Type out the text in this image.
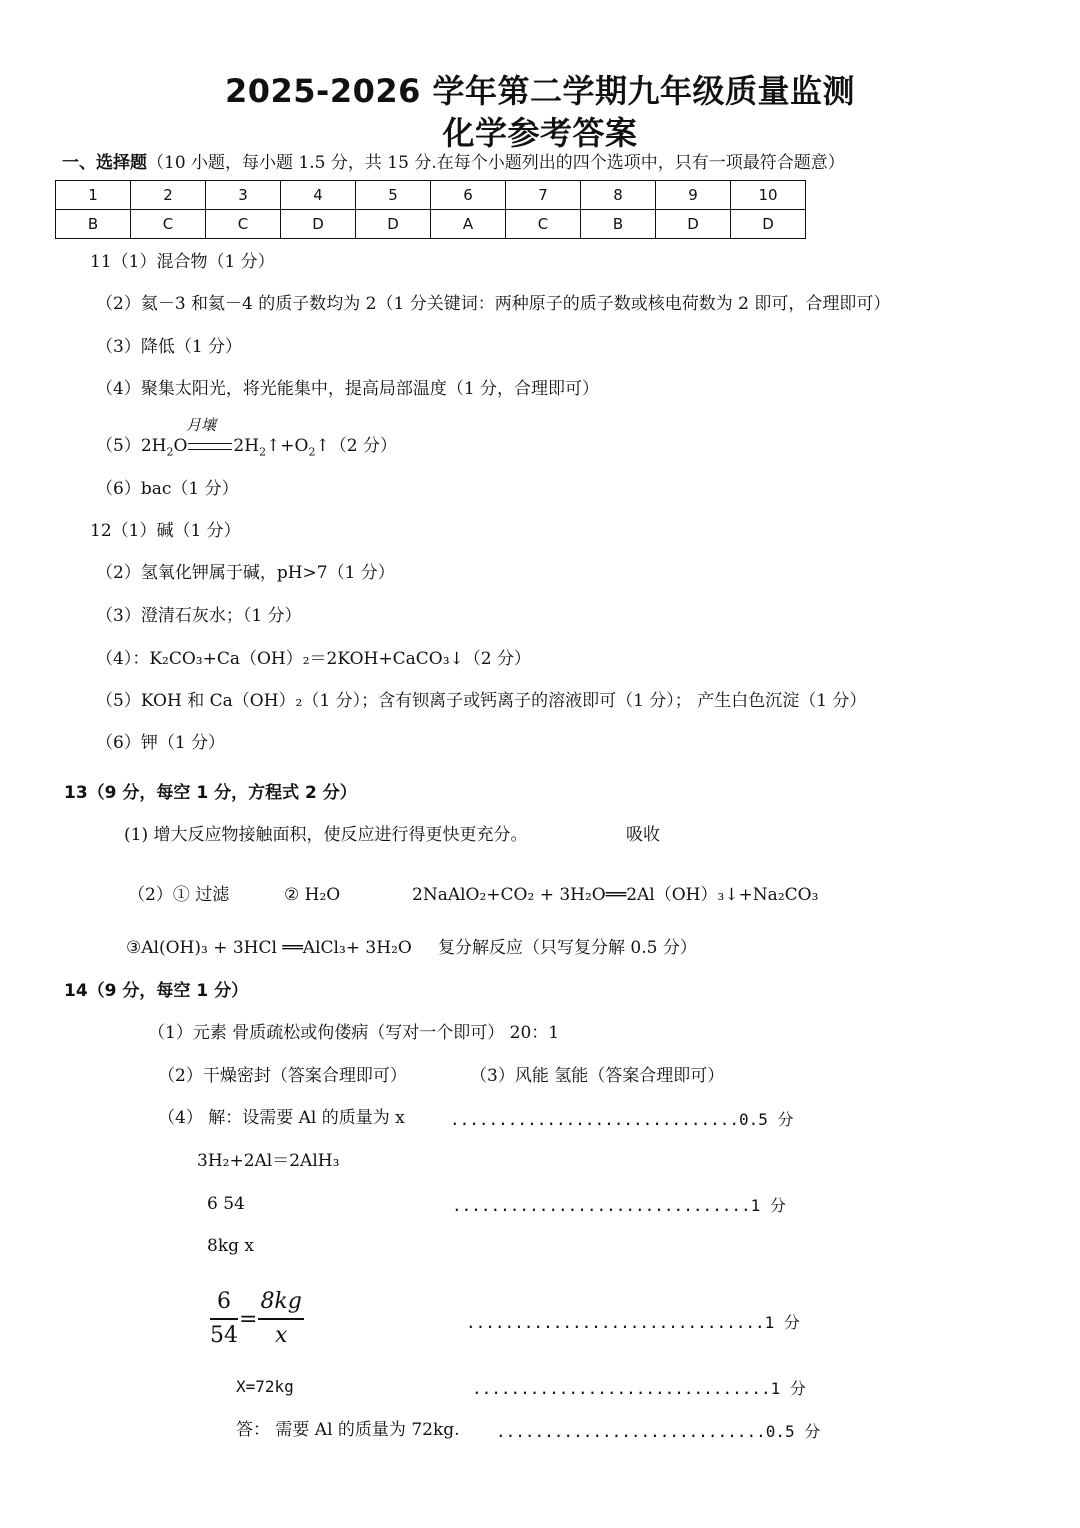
2025-2026 学年第二学期九年级质量监测
化学参考答案
一、选择题（10 小题，每小题 1.5 分，共 15 分.在每个小题列出的四个选项中，只有一项最符合题意）
1	2	3	4	5	6	7	8	9	10
B	C	C	D	D	A	C	B	D	D
11（1）混合物（1 分）
（2）氦－3 和氦－4 的质子数均为 2（1 分关键词：两种原子的质子数或核电荷数为 2 即可，合理即可）
（3）降低（1 分）
（4）聚集太阳光，将光能集中，提高局部温度（1 分，合理即可）
月壤
$(5)2H_2O$	$2H_2↑+O_2↑(2$ 分）
（6）bac（1 分）
12（1）碱（1 分）
（2）氢氧化钾属于碱，pH>7（1 分）
（3）澄清石灰水；（1 分）
（4）：K₂CO₃+Ca（OH）₂＝2KOH+CaCO₃↓（2 分）
（5）KOH 和 Ca（OH）₂（1 分）；含有钡离子或钙离子的溶液即可（1 分）； 产生白色沉淀（1 分）
（6）钾（1 分）
13（9 分，每空 1 分，方程式 2 分）
(1) 增大反应物接触面积，使反应进行得更快更充分。	吸收
（2）① 过滤	② H₂O	2NaAlO₂+CO₂ + 3H₂O══2Al（OH）₃↓+Na₂CO₃
③Al(OH)₃ + 3HCl ══AlCl₃+ 3H₂O 复分解反应（只写复分解 0.5 分）
14（9 分，每空 1 分）
（1）元素 骨质疏松或佝偻病（写对一个即可） 20：1
（2）干燥密封（答案合理即可）	（3）风能 氢能（答案合理即可）
（4） 解：设需要 Al 的质量为 x	..............................0.5 分
3H₂+2Al＝2AlH₃
6 54	...............................1 分
8kg x
$\frac{6}{54} = \frac{8kg}{x}$	...............................1 分
X=72kg	...............................1 分
答： 需要 Al 的质量为 72kg. ............................0.5 分
